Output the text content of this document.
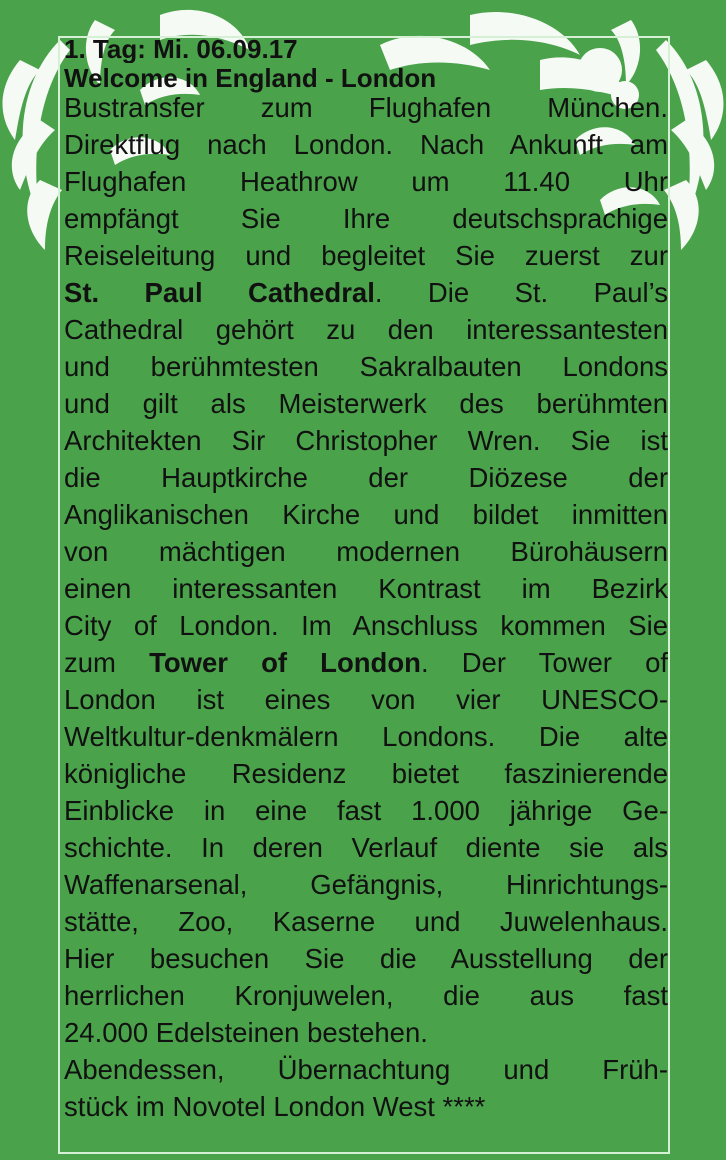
1. Tag: Mi. 06.09.17
Welcome in England - London
Bustransfer zum Flughafen München.
Direktflug nach London. Nach Ankunft am
Flughafen Heathrow um 11.40 Uhr
empfängt Sie Ihre deutschsprachige
Reiseleitung und begleitet Sie zuerst zur
St. Paul Cathedral. Die St. Paul’s
Cathedral gehört zu den interessantesten
und berühmtesten Sakralbauten Londons
und gilt als Meisterwerk des berühmten
Architekten Sir Christopher Wren. Sie ist
die Hauptkirche der Diözese der
Anglikanischen Kirche und bildet inmitten
von mächtigen modernen Bürohäusern
einen interessanten Kontrast im Bezirk
City of London. Im Anschluss kommen Sie
zum Tower of London. Der Tower of
London ist eines von vier UNESCO-
Weltkultur-denkmälern Londons. Die alte
königliche Residenz bietet faszinierende
Einblicke in eine fast 1.000 jährige Ge-
schichte. In deren Verlauf diente sie als
Waffenarsenal, Gefängnis, Hinrichtungs-
stätte, Zoo, Kaserne und Juwelenhaus.
Hier besuchen Sie die Ausstellung der
herrlichen Kronjuwelen, die aus fast
24.000 Edelsteinen bestehen.
Abendessen, Übernachtung und Früh-
stück im Novotel London West ****
